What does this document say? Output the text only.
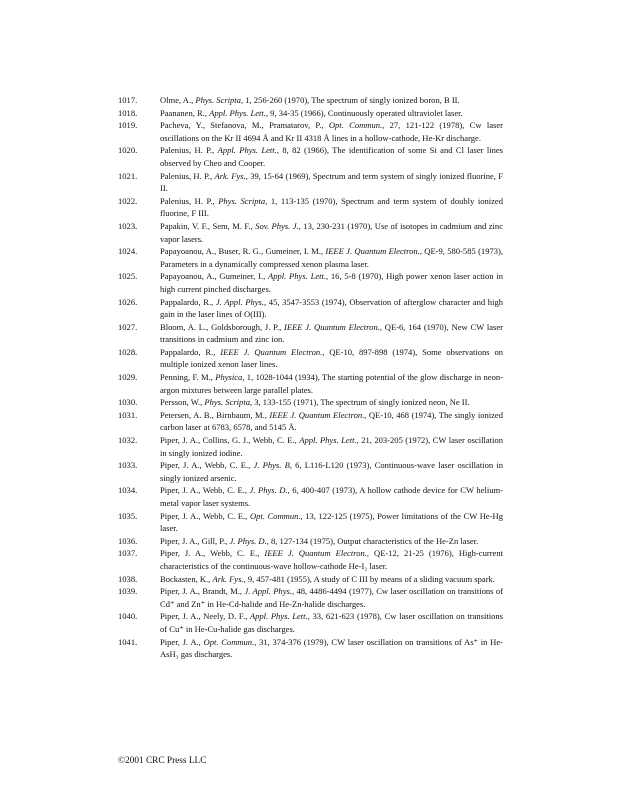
1017.	Olme, A., Phys. Scripta, 1, 256-260 (1970), The spectrum of singly ionized boron, B II.
1018.	Paananen, R., Appl. Phys. Lett., 9, 34-35 (1966), Continuously operated ultraviolet laser.
1019.	Pacheva, Y., Stefanova, M., Pramatarov, P., Opt. Commun., 27, 121-122 (1978), Cw laser oscillations on the Kr II 4694 Å and Kr II 4318 Å lines in a hollow-cathode, He-Kr discharge.
1020.	Palenius, H. P., Appl. Phys. Lett., 8, 82 (1966), The identification of some Si and Cl laser lines observed by Cheo and Cooper.
1021.	Palenius, H. P., Ark. Fys., 39, 15-64 (1969), Spectrum and term system of singly ionized fluorine, F II.
1022.	Palenius, H. P., Phys. Scripta, 1, 113-135 (1970), Spectrum and term system of doubly ionized fluorine, F III.
1023.	Papakin, V. F., Sem, M. F., Sov. Phys. J., 13, 230-231 (1970), Use of isotopes in cadmium and zinc vapor lasers.
1024.	Papayoanou, A., Buser, R. G., Gumeiner, I. M., IEEE J. Quantum Electron., QE-9, 580-585 (1973), Parameters in a dynamically compressed xenon plasma laser.
1025.	Papayoanou, A., Gumeiner, I., Appl. Phys. Lett., 16, 5-8 (1970), High power xenon laser action in high current pinched discharges.
1026.	Pappalardo, R., J. Appl. Phys., 45, 3547-3553 (1974), Observation of afterglow character and high gain in the laser lines of O(III).
1027.	Bloom, A. L., Goldsborough, J. P., IEEE J. Quantum Electron., QE-6, 164 (1970), New CW laser transitions in cadmium and zinc ion.
1028.	Pappalardo, R., IEEE J. Quantum Electron., QE-10, 897-898 (1974), Some observations on multiple ionized xenon laser lines.
1029.	Penning, F. M., Physica, 1, 1028-1044 (1934), The starting potential of the glow discharge in neon-argon mixtures between large parallel plates.
1030.	Persson, W., Phys. Scripta, 3, 133-155 (1971), The spectrum of singly ionized neon, Ne II.
1031.	Petersen, A. B., Birnbaum, M., IEEE J. Quantum Electron., QE-10, 468 (1974), The singly ionized carbon laser at 6783, 6578, and 5145 Å.
1032.	Piper, J. A., Collins, G. J., Webb, C. E., Appl. Phys. Lett., 21, 203-205 (1972), CW laser oscillation in singly ionized iodine.
1033.	Piper, J. A., Webb, C. E., J. Phys. B, 6, L116-L120 (1973), Continuous-wave laser oscillation in singly ionized arsenic.
1034.	Piper, J. A., Webb, C. E., J. Phys. D., 6, 400-407 (1973), A hollow cathode device for CW helium-metal vapor laser systems.
1035.	Piper, J. A., Webb, C. E., Opt. Commun., 13, 122-125 (1975), Power limitations of the CW He-Hg laser.
1036.	Piper, J. A., Gill, P., J. Phys. D., 8, 127-134 (1975), Output characteristics of the He-Zn laser.
1037.	Piper, J. A., Webb, C. E., IEEE J. Quantum Electron., QE-12, 21-25 (1976), High-current characteristics of the continuous-wave hollow-cathode He-I₂ laser.
1038.	Bockasten, K., Ark. Fys., 9, 457-481 (1955), A study of C III by means of a sliding vacuum spark.
1039.	Piper, J. A., Brandt, M., J. Appl. Phys., 48, 4486-4494 (1977), Cw laser oscillation on transitions of Cd⁺ and Zn⁺ in He-Cd-halide and He-Zn-halide discharges.
1040.	Piper, J. A., Neely, D. F., Appl. Phys. Lett., 33, 621-623 (1978), Cw laser oscillation on transitions of Cu⁺ in He-Cu-halide gas discharges.
1041.	Piper, J. A., Opt. Commun., 31, 374-376 (1979), CW laser oscillation on transitions of As⁺ in He-AsH₃ gas discharges.
©2001 CRC Press LLC
